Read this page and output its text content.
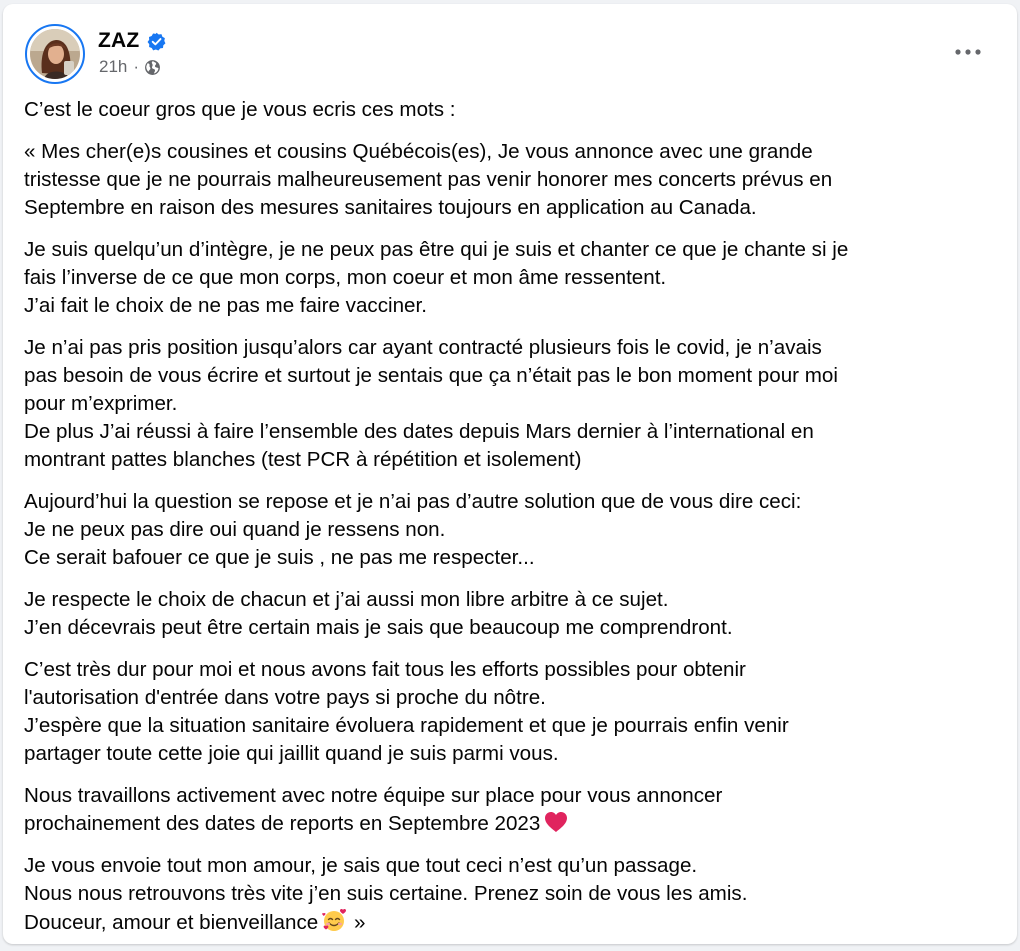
ZAZ
21h ·

C’est le coeur gros que je vous ecris ces mots :

« Mes cher(e)s cousines et cousins Québécois(es), Je vous annonce avec une grande
tristesse que je ne pourrais malheureusement pas venir honorer mes concerts prévus en
Septembre en raison des mesures sanitaires toujours en application au Canada.

Je suis quelqu’un d’intègre, je ne peux pas être qui je suis et chanter ce que je chante si je
fais l’inverse de ce que mon corps, mon coeur et mon âme ressentent.
J’ai fait le choix de ne pas me faire vacciner.

Je n’ai pas pris position jusqu’alors car ayant contracté plusieurs fois le covid, je n’avais
pas besoin de vous écrire et surtout je sentais que ça n’était pas le bon moment pour moi
pour m’exprimer.
De plus J’ai réussi à faire l’ensemble des dates depuis Mars dernier à l’international en
montrant pattes blanches (test PCR à répétition et isolement)

Aujourd’hui la question se repose et je n’ai pas d’autre solution que de vous dire ceci:
Je ne peux pas dire oui quand je ressens non.
Ce serait bafouer ce que je suis , ne pas me respecter...

Je respecte le choix de chacun et j’ai aussi mon libre arbitre à ce sujet.
J’en décevrais peut être certain mais je sais que beaucoup me comprendront.

C’est très dur pour moi et nous avons fait tous les efforts possibles pour obtenir
l'autorisation d'entrée dans votre pays si proche du nôtre.
J’espère que la situation sanitaire évoluera rapidement et que je pourrais enfin venir
partager toute cette joie qui jaillit quand je suis parmi vous.

Nous travaillons activement avec notre équipe sur place pour vous annoncer
prochainement des dates de reports en Septembre 2023

Je vous envoie tout mon amour, je sais que tout ceci n’est qu’un passage.
Nous nous retrouvons très vite j’en suis certaine. Prenez soin de vous les amis.
Douceur, amour et bienveillance
»
